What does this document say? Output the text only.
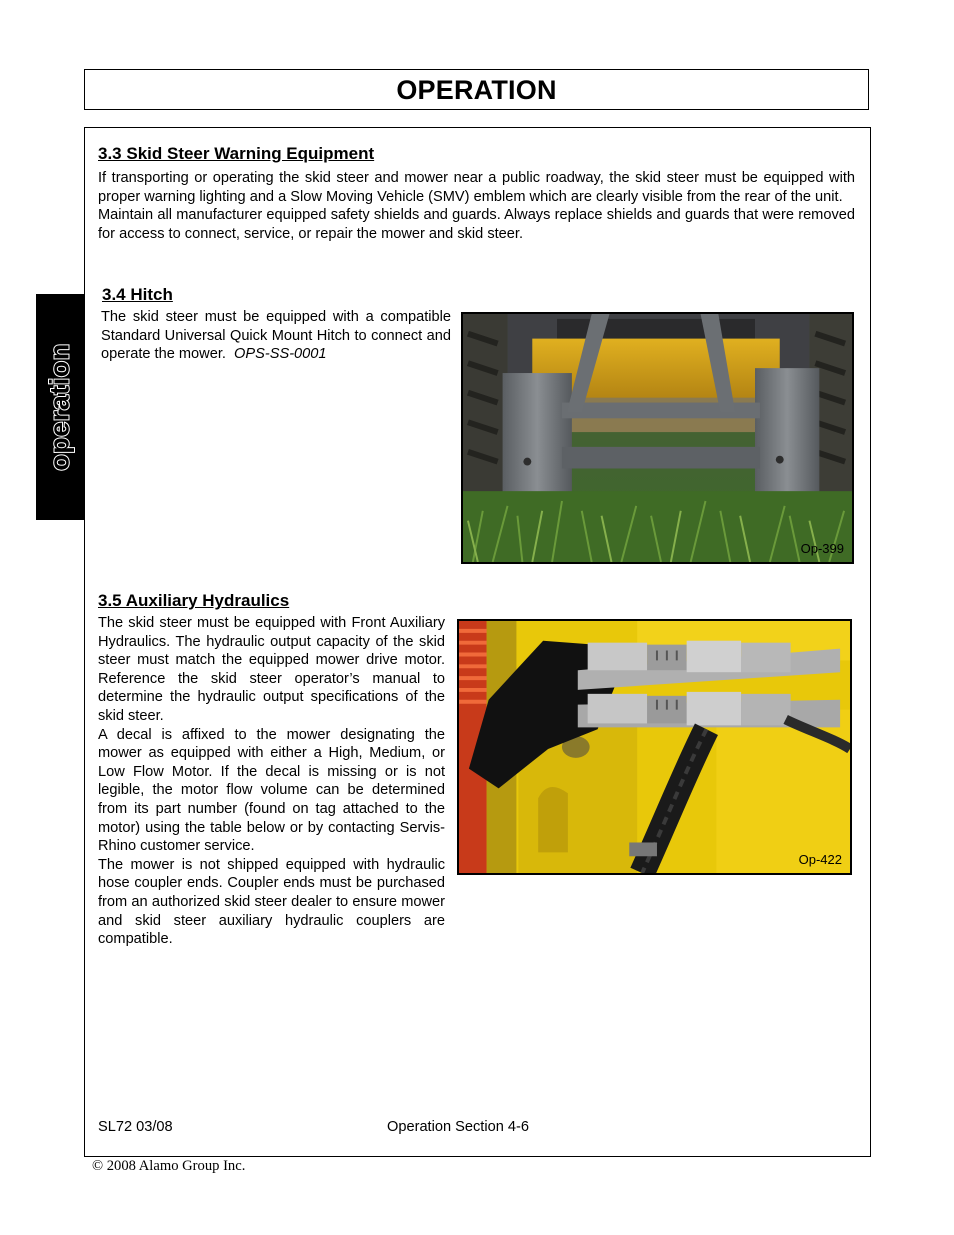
OPERATION
operation
3.3 Skid Steer Warning Equipment

If transporting or operating the skid steer and mower near a public roadway, the skid steer must be equipped with proper warning lighting and a Slow Moving Vehicle (SMV) emblem which are clearly visible from the rear of the unit.

Maintain all manufacturer equipped safety shields and guards. Always replace shields and guards that were removed for access to connect, service, or repair the mower and skid steer.

3.4 Hitch

The skid steer must be equipped with a compatible Standard Universal Quick Mount Hitch to connect and operate the mower. OPS-SS-0001

Op-399
3.5 Auxiliary Hydraulics

The skid steer must be equipped with Front Auxiliary Hydraulics. The hydraulic output capacity of the skid steer must match the equipped mower drive motor. Reference the skid steer operator’s manual to determine the hydraulic output specifications of the skid steer.

A decal is affixed to the mower designating the mower as equipped with either a High, Medium, or Low Flow Motor. If the decal is missing or is not legible, the motor flow volume can be determined from its part number (found on tag attached to the motor) using the table below or by contacting Servis-Rhino customer service.

The mower is not shipped equipped with hydraulic hose coupler ends. Coupler ends must be purchased from an authorized skid steer dealer to ensure mower and skid steer auxiliary hydraulic couplers are compatible.

Op-422
SL72 03/08	Operation Section 4-6
© 2008 Alamo Group Inc.
